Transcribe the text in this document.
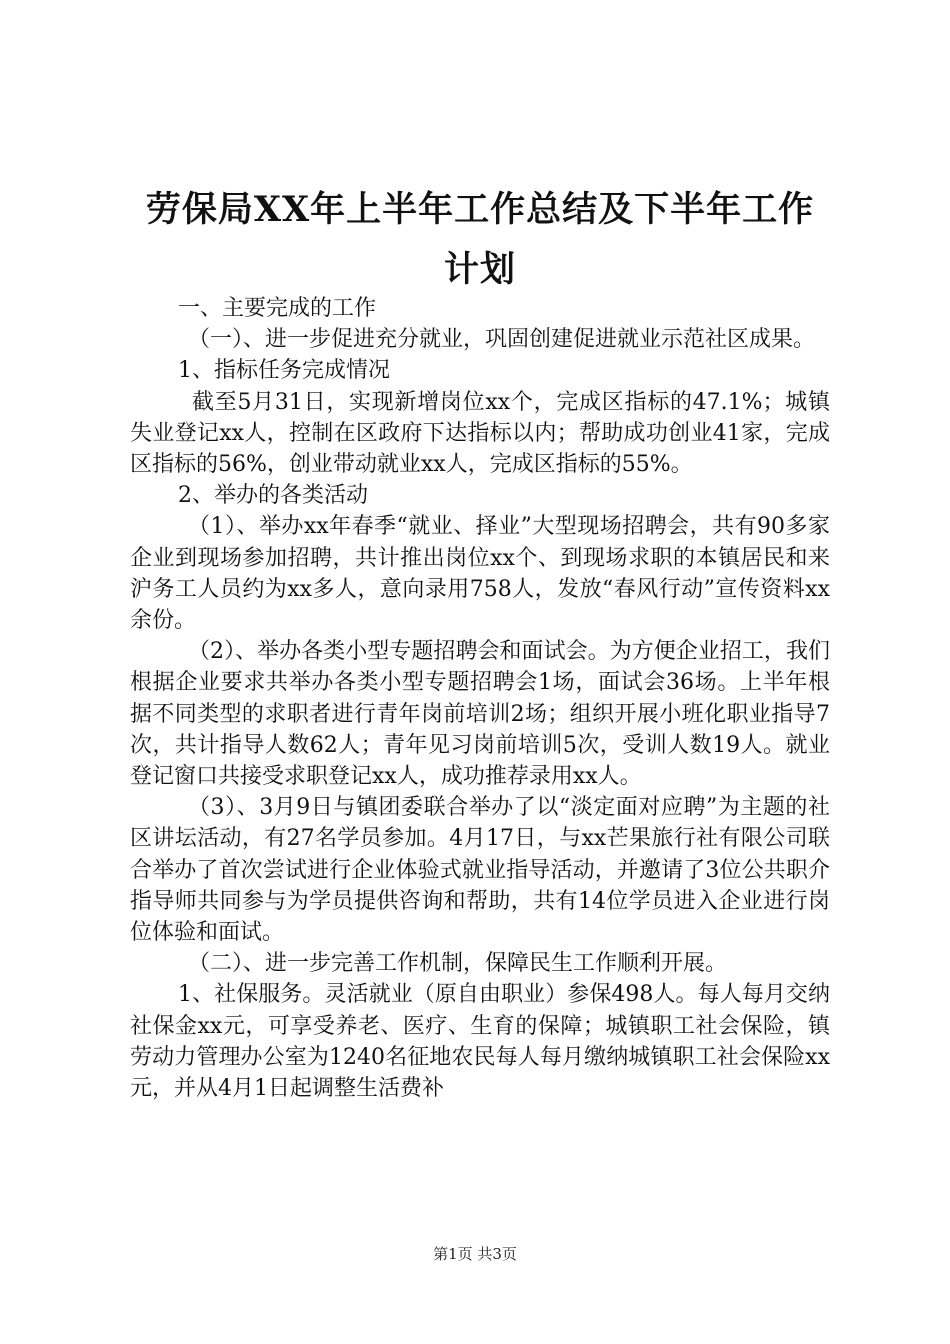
劳保局XX年上半年工作总结及下半年工作计划

一、主要完成的工作

（一）、进一步促进充分就业，巩固创建促进就业示范社区成果。

1、指标任务完成情况

截至5月31日，实现新增岗位xx个，完成区指标的47.1%；城镇失业登记xx人，控制在区政府下达指标以内；帮助成功创业41家，完成区指标的56%，创业带动就业xx人，完成区指标的55%。

2、举办的各类活动

（1）、举办xx年春季“就业、择业”大型现场招聘会，共有90多家企业到现场参加招聘，共计推出岗位xx个、到现场求职的本镇居民和来沪务工人员约为xx多人，意向录用758人，发放“春风行动”宣传资料xx余份。

（2）、举办各类小型专题招聘会和面试会。为方便企业招工，我们根据企业要求共举办各类小型专题招聘会1场，面试会36场。上半年根据不同类型的求职者进行青年岗前培训2场；组织开展小班化职业指导7次，共计指导人数62人；青年见习岗前培训5次，受训人数19人。就业登记窗口共接受求职登记xx人，成功推荐录用xx人。

（3）、3月9日与镇团委联合举办了以“淡定面对应聘”为主题的社区讲坛活动，有27名学员参加。4月17日，与xx芒果旅行社有限公司联合举办了首次尝试进行企业体验式就业指导活动，并邀请了3位公共职介指导师共同参与为学员提供咨询和帮助，共有14位学员进入企业进行岗位体验和面试。

（二）、进一步完善工作机制，保障民生工作顺利开展。

1、社保服务。灵活就业（原自由职业）参保498人。每人每月交纳社保金xx元，可享受养老、医疗、生育的保障；城镇职工社会保险，镇劳动力管理办公室为1240名征地农民每人每月缴纳城镇职工社会保险xx元，并从4月1日起调整生活费补

第1页 共3页
